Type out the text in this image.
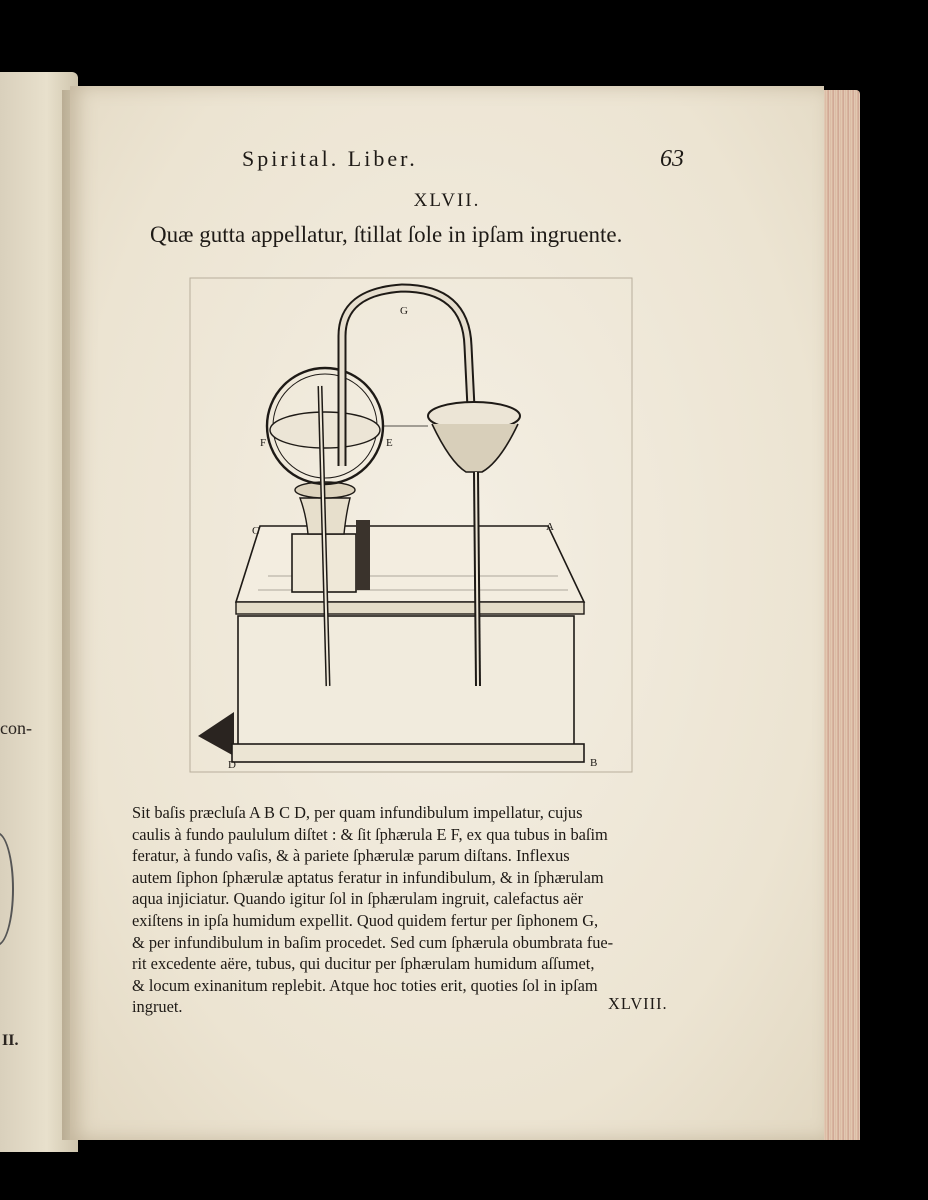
con-
II.
Spirital. Liber.	63
XLVII.
Quæ gutta appellatur, ſtillat ſole in ipſam ingruente.
G
F	E
C	A
D	B
Sit baſis præcluſa A B C D, per quam infundibulum impellatur, cujus
caulis à fundo paululum diſtet : & ſit ſphærula E F, ex qua tubus in baſim
feratur, à fundo vaſis, & à pariete ſphærulæ parum diſtans. Inflexus
autem ſiphon ſphærulæ aptatus feratur in infundibulum, & in ſphærulam
aqua injiciatur. Quando igitur ſol in ſphærulam ingruit, calefactus aër
exiſtens in ipſa humidum expellit. Quod quidem fertur per ſiphonem G,
& per infundibulum in baſim procedet. Sed cum ſphærula obumbrata fue-
rit excedente aëre, tubus, qui ducitur per ſphærulam humidum aſſumet,
& locum exinanitum replebit. Atque hoc toties erit, quoties ſol in ipſam
ingruet.	XLVIII.
